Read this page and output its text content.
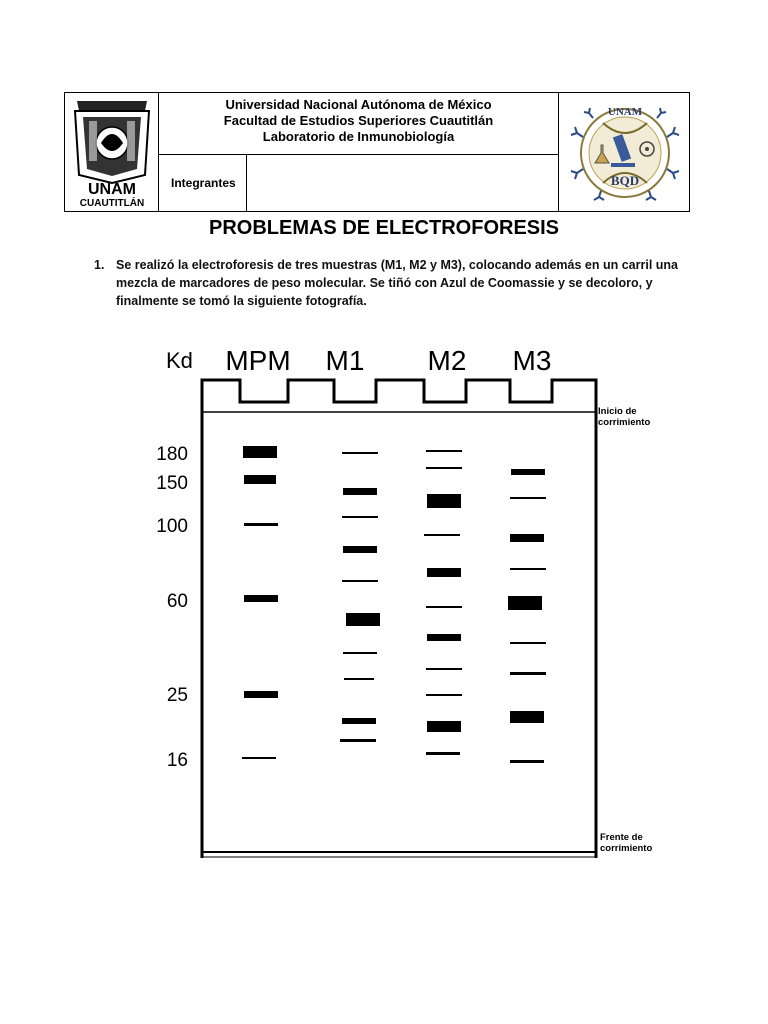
UNAM
CUAUTITLÁN
Universidad Nacional Autónoma de México
Facultad de Estudios Superiores Cuautitlán
Laboratorio de Inmunobiología
Integrantes
UNAM
BQD
PROBLEMAS DE ELECTROFORESIS
1. Se realizó la electroforesis de tres muestras (M1, M2 y M3), colocando además en un carril una mezcla de marcadores de peso molecular. Se tiñó con Azul de Coomassie y se decoloro, y finalmente se tomó la siguiente fotografía.
Kd MPM M1 M2 M3
180
150
100
60
25
16
Inicio de corrimiento
Frente de corrimiento
